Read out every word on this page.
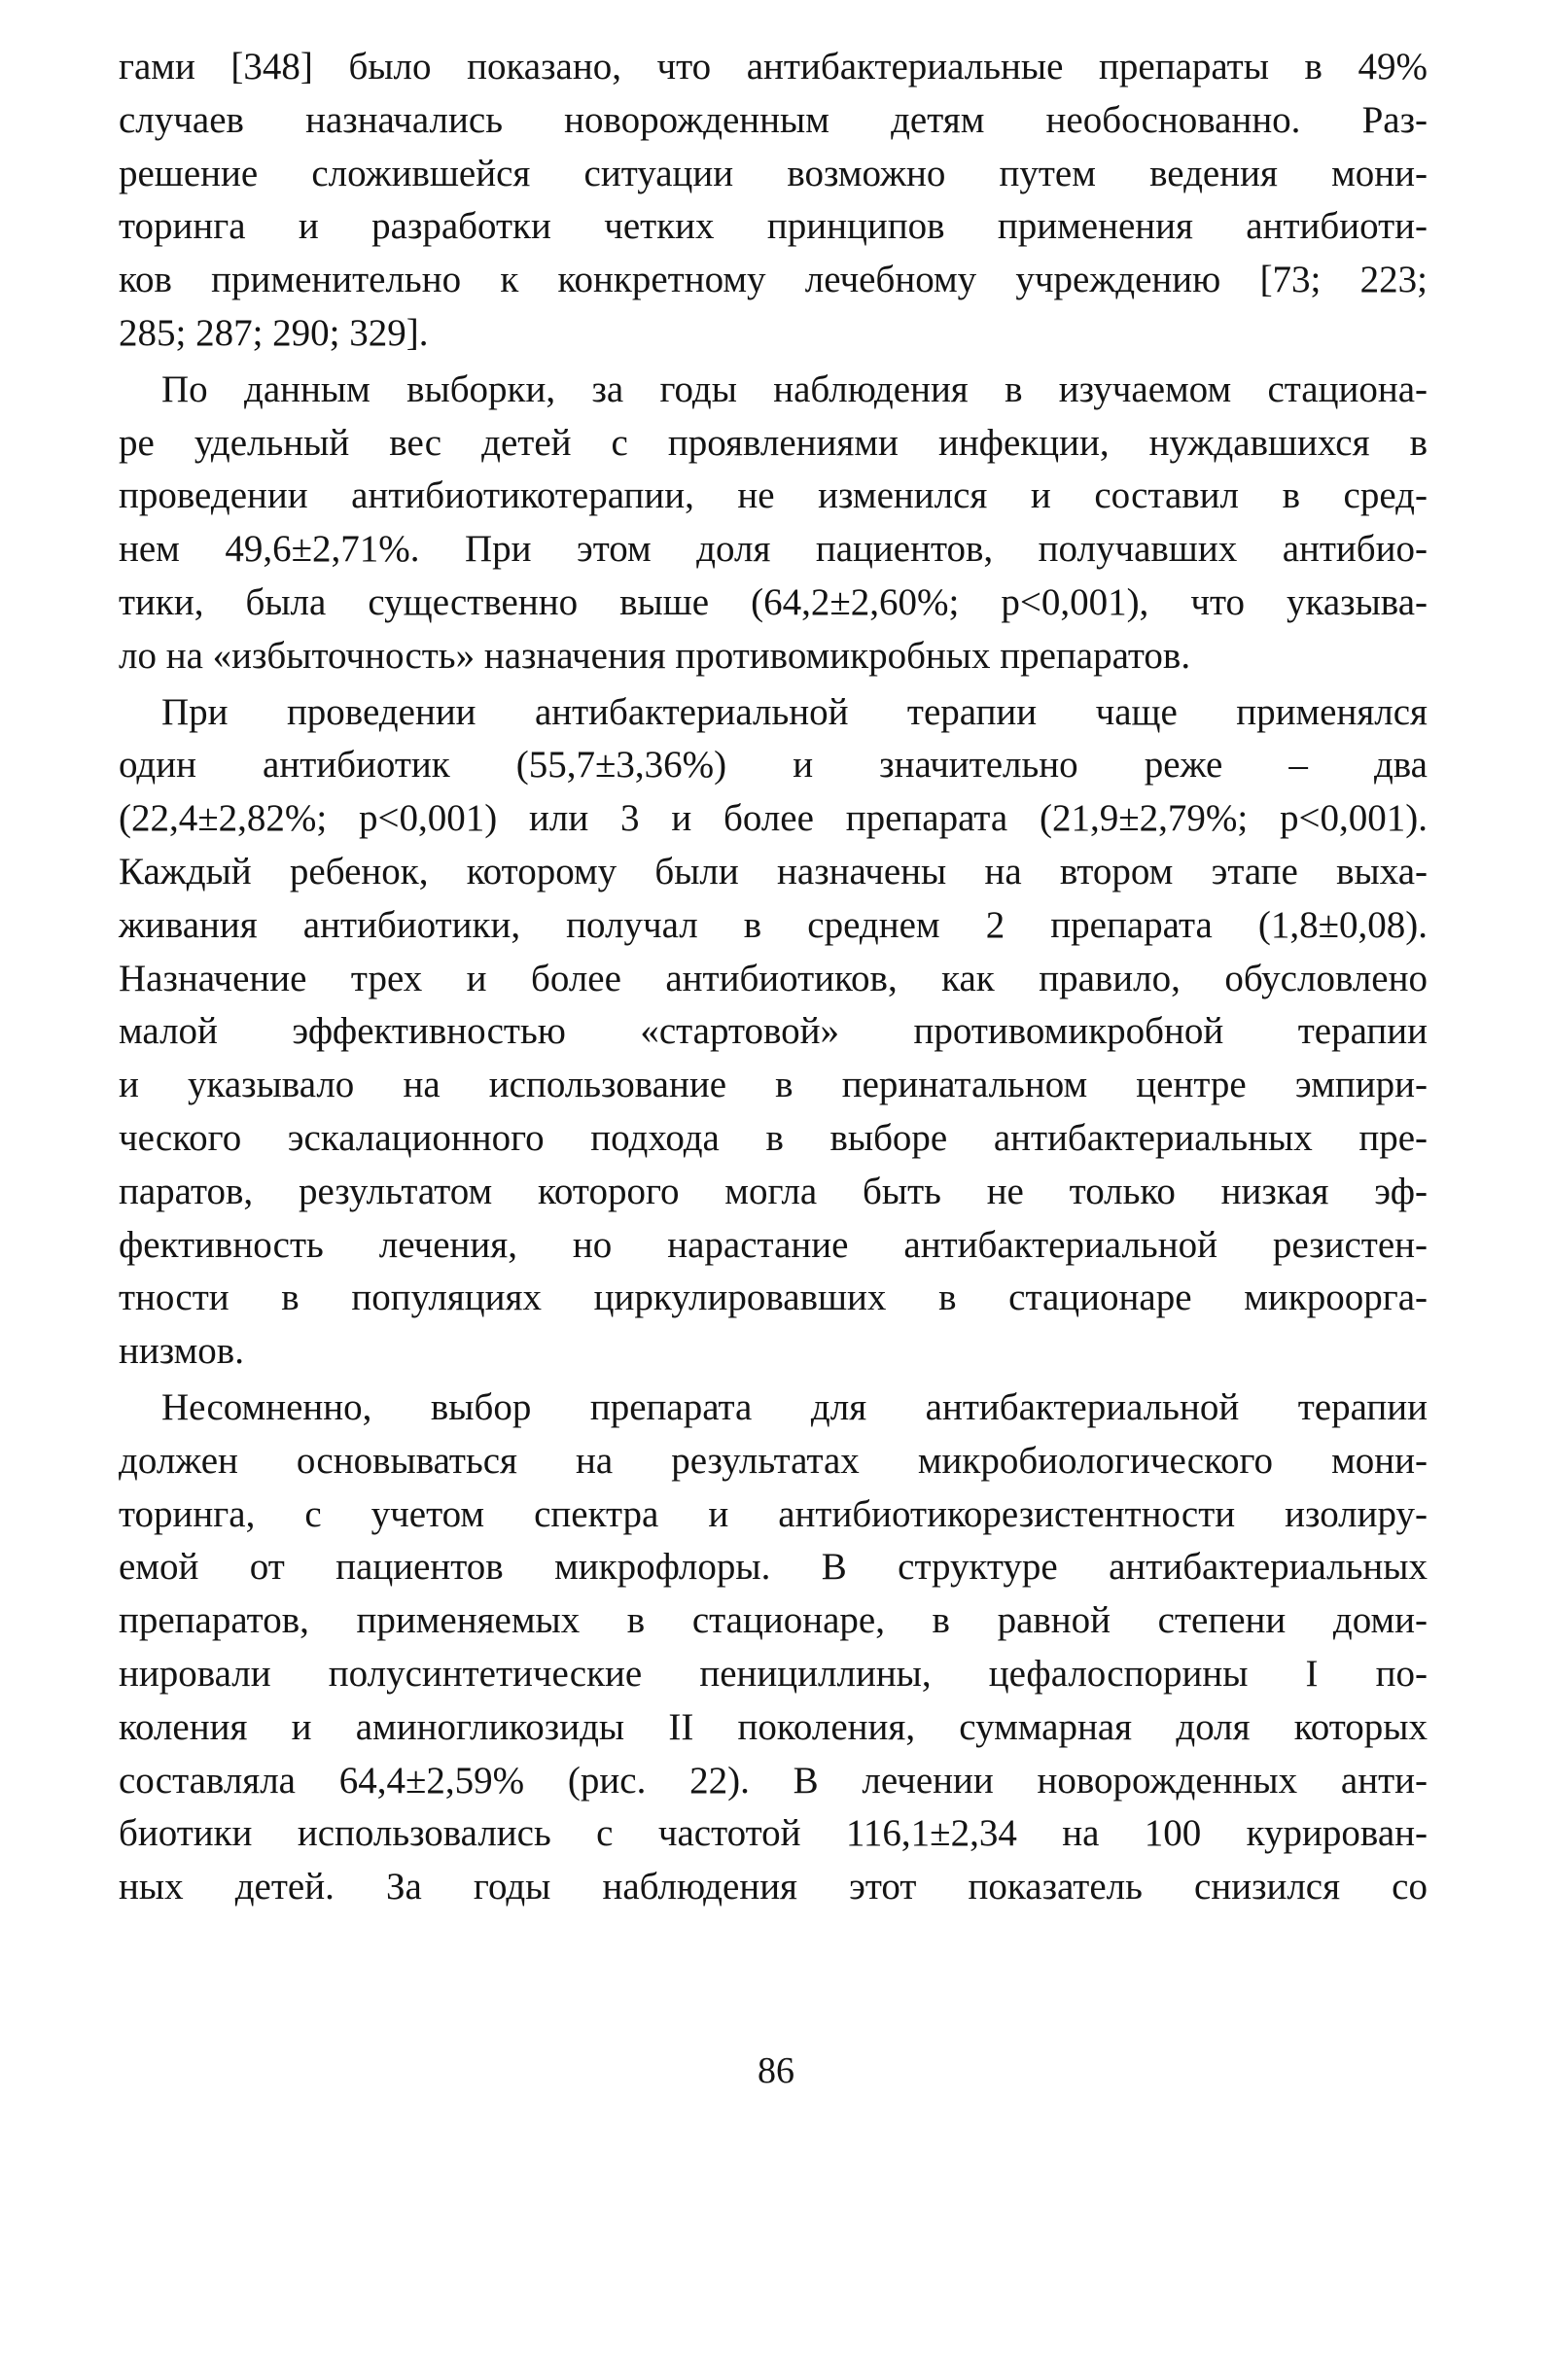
гами [348] было показано, что антибактериальные препараты в 49%
случаев назначались новорожденным детям необоснованно. Раз-
решение сложившейся ситуации возможно путем ведения мони-
торинга и разработки четких принципов применения антибиоти-
ков применительно к конкретному лечебному учреждению [73; 223;
285; 287; 290; 329].
По данным выборки, за годы наблюдения в изучаемом стациона-
ре удельный вес детей с проявлениями инфекции, нуждавшихся в
проведении антибиотикотерапии, не изменился и составил в сред-
нем 49,6±2,71%. При этом доля пациентов, получавших антибио-
тики, была существенно выше (64,2±2,60%; p<0,001), что указыва-
ло на «избыточность» назначения противомикробных препаратов.
При проведении антибактериальной терапии чаще применялся
один антибиотик (55,7±3,36%) и значительно реже – два
(22,4±2,82%; p<0,001) или 3 и более препарата (21,9±2,79%; p<0,001).
Каждый ребенок, которому были назначены на втором этапе выха-
живания антибиотики, получал в среднем 2 препарата (1,8±0,08).
Назначение трех и более антибиотиков, как правило, обусловлено
малой эффективностью «стартовой» противомикробной терапии
и указывало на использование в перинатальном центре эмпири-
ческого эскалационного подхода в выборе антибактериальных пре-
паратов, результатом которого могла быть не только низкая эф-
фективность лечения, но нарастание антибактериальной резистен-
тности в популяциях циркулировавших в стационаре микроорга-
низмов.
Несомненно, выбор препарата для антибактериальной терапии
должен основываться на результатах микробиологического мони-
торинга, с учетом спектра и антибиотикорезистентности изолиру-
емой от пациентов микрофлоры. В структуре антибактериальных
препаратов, применяемых в стационаре, в равной степени доми-
нировали полусинтетические пенициллины, цефалоспорины I по-
коления и аминогликозиды II поколения, суммарная доля которых
составляла 64,4±2,59% (рис. 22). В лечении новорожденных анти-
биотики использовались с частотой 116,1±2,34 на 100 курирован-
ных детей. За годы наблюдения этот показатель снизился со
86
